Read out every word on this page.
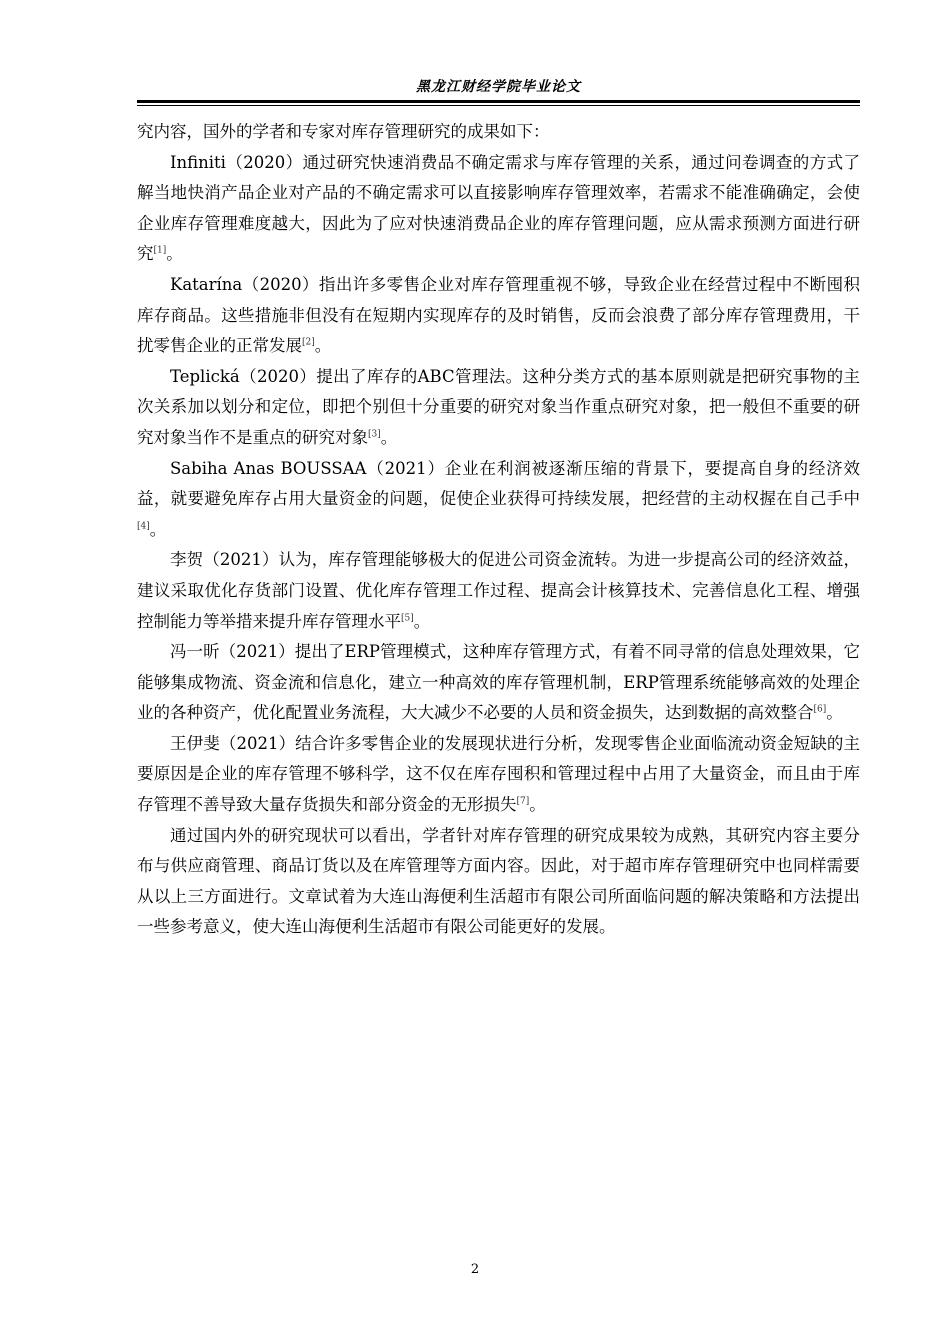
黑龙江财经学院毕业论文

究内容，国外的学者和专家对库存管理研究的成果如下：

Infiniti（2020）通过研究快速消费品不确定需求与库存管理的关系，通过问卷调查的方式了解当地快消产品企业对产品的不确定需求可以直接影响库存管理效率，若需求不能准确确定，会使企业库存管理难度越大，因此为了应对快速消费品企业的库存管理问题，应从需求预测方面进行研究[1]。

Katarína（2020）指出许多零售企业对库存管理重视不够，导致企业在经营过程中不断囤积库存商品。这些措施非但没有在短期内实现库存的及时销售，反而会浪费了部分库存管理费用，干扰零售企业的正常发展[2]。

Teplická（2020）提出了库存的ABC管理法。这种分类方式的基本原则就是把研究事物的主次关系加以划分和定位，即把个别但十分重要的研究对象当作重点研究对象，把一般但不重要的研究对象当作不是重点的研究对象[3]。

Sabiha Anas BOUSSAA（2021）企业在利润被逐渐压缩的背景下，要提高自身的经济效益，就要避免库存占用大量资金的问题，促使企业获得可持续发展，把经营的主动权握在自己手中[4]。

李贺（2021）认为，库存管理能够极大的促进公司资金流转。为进一步提高公司的经济效益，建议采取优化存货部门设置、优化库存管理工作过程、提高会计核算技术、完善信息化工程、增强控制能力等举措来提升库存管理水平[5]。

冯一昕（2021）提出了ERP管理模式，这种库存管理方式，有着不同寻常的信息处理效果，它能够集成物流、资金流和信息化，建立一种高效的库存管理机制，ERP管理系统能够高效的处理企业的各种资产，优化配置业务流程，大大减少不必要的人员和资金损失，达到数据的高效整合[6]。

王伊斐（2021）结合许多零售企业的发展现状进行分析，发现零售企业面临流动资金短缺的主要原因是企业的库存管理不够科学，这不仅在库存囤积和管理过程中占用了大量资金，而且由于库存管理不善导致大量存货损失和部分资金的无形损失[7]。

通过国内外的研究现状可以看出，学者针对库存管理的研究成果较为成熟，其研究内容主要分布与供应商管理、商品订货以及在库管理等方面内容。因此，对于超市库存管理研究中也同样需要从以上三方面进行。文章试着为大连山海便利生活超市有限公司所面临问题的解决策略和方法提出一些参考意义，使大连山海便利生活超市有限公司能更好的发展。

2
